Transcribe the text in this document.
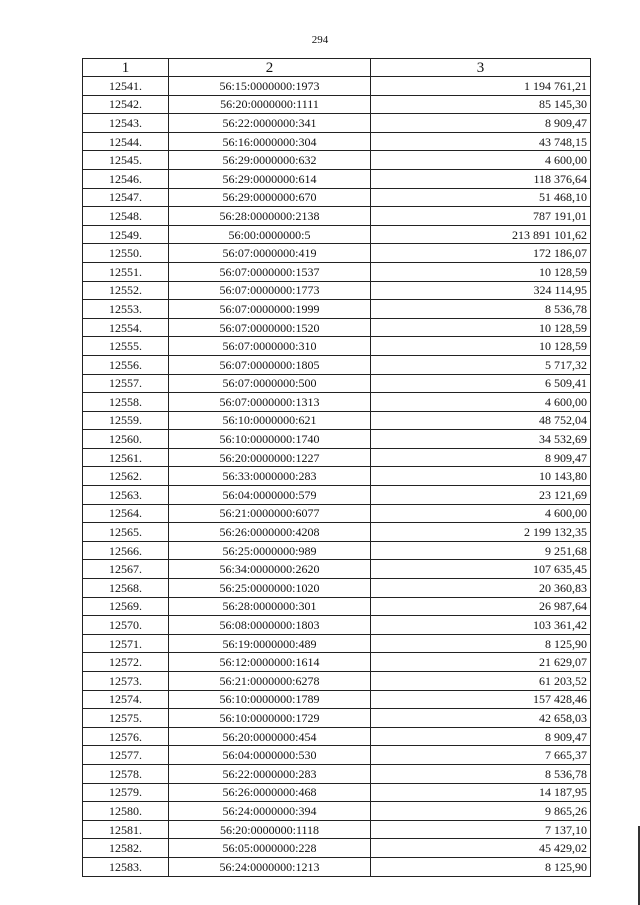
294
1	2	3
12541.	56:15:0000000:1973	1 194 761,21
12542.	56:20:0000000:1111	85 145,30
12543.	56:22:0000000:341	8 909,47
12544.	56:16:0000000:304	43 748,15
12545.	56:29:0000000:632	4 600,00
12546.	56:29:0000000:614	118 376,64
12547.	56:29:0000000:670	51 468,10
12548.	56:28:0000000:2138	787 191,01
12549.	56:00:0000000:5	213 891 101,62
12550.	56:07:0000000:419	172 186,07
12551.	56:07:0000000:1537	10 128,59
12552.	56:07:0000000:1773	324 114,95
12553.	56:07:0000000:1999	8 536,78
12554.	56:07:0000000:1520	10 128,59
12555.	56:07:0000000:310	10 128,59
12556.	56:07:0000000:1805	5 717,32
12557.	56:07:0000000:500	6 509,41
12558.	56:07:0000000:1313	4 600,00
12559.	56:10:0000000:621	48 752,04
12560.	56:10:0000000:1740	34 532,69
12561.	56:20:0000000:1227	8 909,47
12562.	56:33:0000000:283	10 143,80
12563.	56:04:0000000:579	23 121,69
12564.	56:21:0000000:6077	4 600,00
12565.	56:26:0000000:4208	2 199 132,35
12566.	56:25:0000000:989	9 251,68
12567.	56:34:0000000:2620	107 635,45
12568.	56:25:0000000:1020	20 360,83
12569.	56:28:0000000:301	26 987,64
12570.	56:08:0000000:1803	103 361,42
12571.	56:19:0000000:489	8 125,90
12572.	56:12:0000000:1614	21 629,07
12573.	56:21:0000000:6278	61 203,52
12574.	56:10:0000000:1789	157 428,46
12575.	56:10:0000000:1729	42 658,03
12576.	56:20:0000000:454	8 909,47
12577.	56:04:0000000:530	7 665,37
12578.	56:22:0000000:283	8 536,78
12579.	56:26:0000000:468	14 187,95
12580.	56:24:0000000:394	9 865,26
12581.	56:20:0000000:1118	7 137,10
12582.	56:05:0000000:228	45 429,02
12583.	56:24:0000000:1213	8 125,90
